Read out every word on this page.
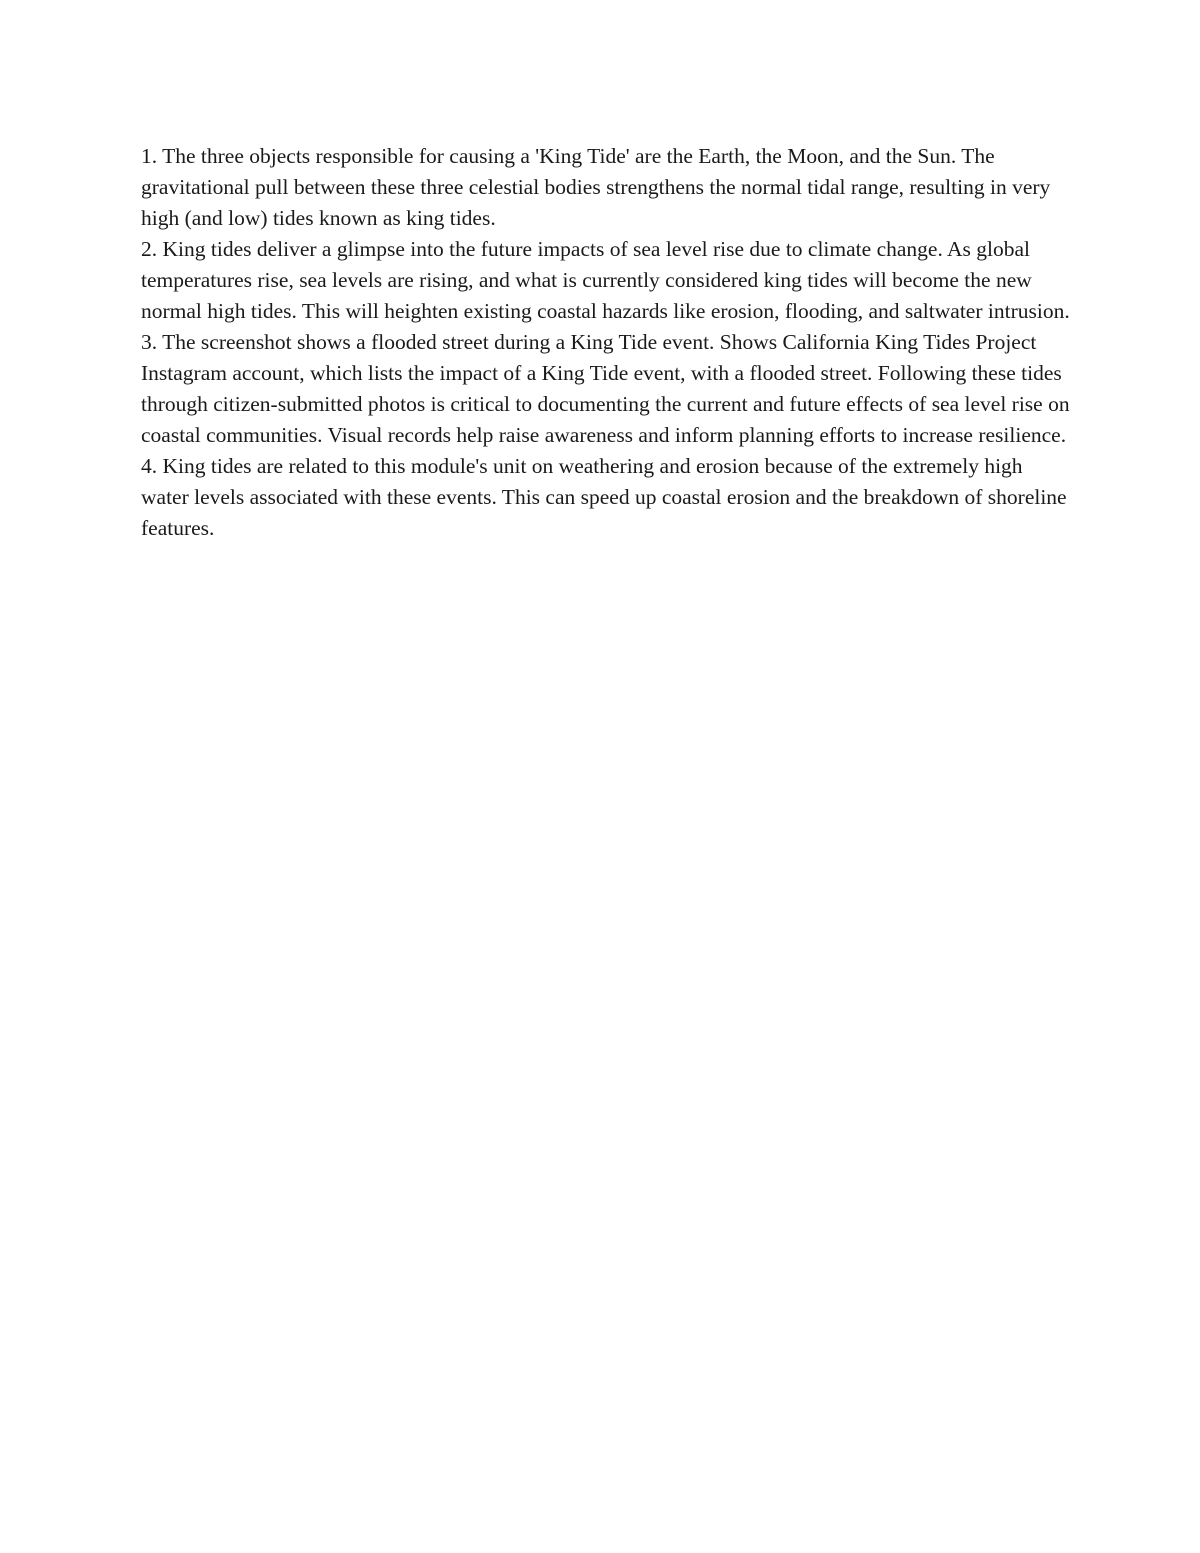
1. The three objects responsible for causing a 'King Tide' are the Earth, the Moon, and the Sun. The gravitational pull between these three celestial bodies strengthens the normal tidal range, resulting in very high (and low) tides known as king tides.

2. King tides deliver a glimpse into the future impacts of sea level rise due to climate change. As global temperatures rise, sea levels are rising, and what is currently considered king tides will become the new normal high tides. This will heighten existing coastal hazards like erosion, flooding, and saltwater intrusion.

3. The screenshot shows a flooded street during a King Tide event. Shows California King Tides Project Instagram account, which lists the impact of a King Tide event, with a flooded street. Following these tides through citizen-submitted photos is critical to documenting the current and future effects of sea level rise on coastal communities. Visual records help raise awareness and inform planning efforts to increase resilience.

4. King tides are related to this module's unit on weathering and erosion because of the extremely high water levels associated with these events. This can speed up coastal erosion and the breakdown of shoreline features.
